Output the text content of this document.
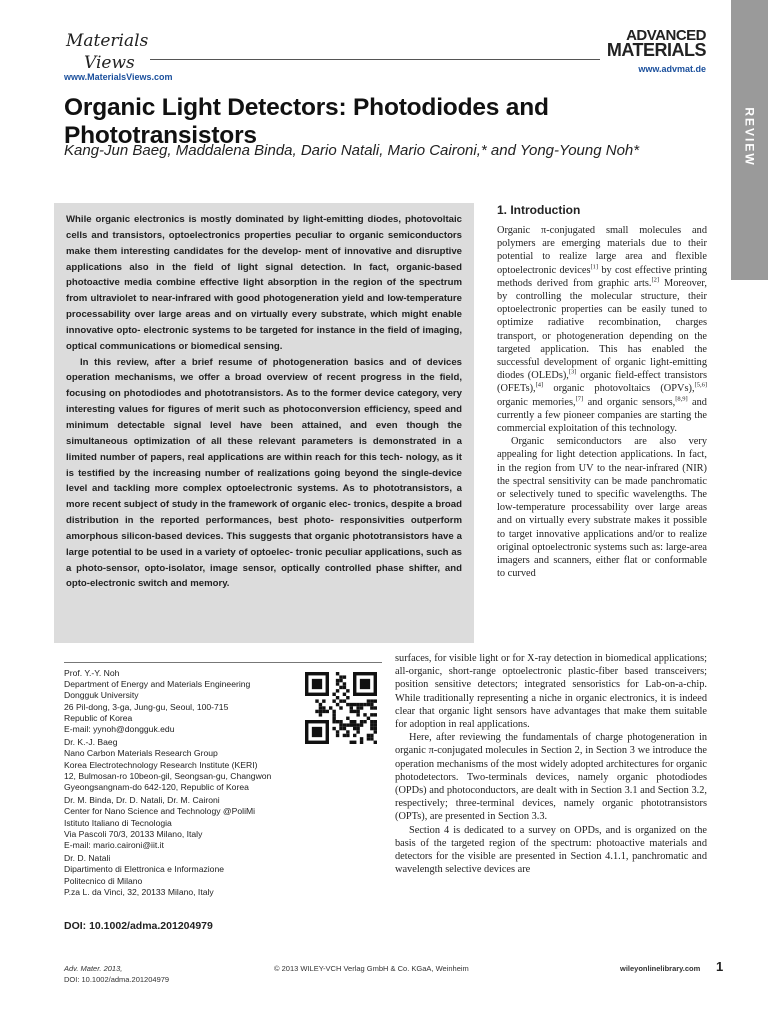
Materials
Views
www.MaterialsViews.com
ADVANCED
MATERIALS
www.advmat.de
REVIEW
Organic Light Detectors: Photodiodes and Phototransistors
Kang-Jun Baeg, Maddalena Binda, Dario Natali, Mario Caironi,* and Yong-Young Noh*

While organic electronics is mostly dominated by light-emitting diodes, photovoltaic cells and transistors, optoelectronics properties peculiar to organic semiconductors make them interesting candidates for the develop- ment of innovative and disruptive applications also in the field of light signal detection. In fact, organic-based photoactive media combine effective light absorption in the region of the spectrum from ultraviolet to near-infrared with good photogeneration yield and low-temperature processability over large areas and on virtually every substrate, which might enable innovative opto- electronic systems to be targeted for instance in the field of imaging, optical communications or biomedical sensing.

In this review, after a brief resume of photogeneration basics and of devices operation mechanisms, we offer a broad overview of recent progress in the field, focusing on photodiodes and phototransistors. As to the former device category, very interesting values for figures of merit such as photoconversion efficiency, speed and minimum detectable signal level have been attained, and even though the simultaneous optimization of all these relevant parameters is demonstrated in a limited number of papers, real applications are within reach for this tech- nology, as it is testified by the increasing number of realizations going beyond the single-device level and tackling more complex optoelectronic systems. As to phototransistors, a more recent subject of study in the framework of organic elec- tronics, despite a broad distribution in the reported performances, best photo- responsivities outperform amorphous silicon-based devices. This suggests that organic phototransistors have a large potential to be used in a variety of optoelec- tronic peculiar applications, such as a photo-sensor, opto-isolator, image sensor, optically controlled phase shifter, and opto-electronic switch and memory.

1. Introduction

Organic π-conjugated small molecules and polymers are emerging materials due to their potential to realize large area and flexible optoelectronic devices[1] by cost effective printing methods derived from graphic arts.[2] Moreover, by controlling the molecular structure, their optoelectronic properties can be easily tuned to optimize radiative recombination, charges transport, or photogeneration depending on the targeted application. This has enabled the successful development of organic light-emitting diodes (OLEDs),[3] organic field-effect transistors (OFETs),[4] organic photovoltaics (OPVs),[5,6] organic memories,[7] and organic sensors,[8,9] and currently a few pioneer companies are starting the commercial exploitation of this technology.

Organic semiconductors are also very appealing for light detection applications. In fact, in the region from UV to the near-infrared (NIR) the spectral sensitivity can be made panchromatic or selectively tuned to specific wavelengths. The low-temperature processability over large areas and on virtually every substrate makes it possible to target innovative applications and/or to realize original optoelectronic systems such as: large-area imagers and scanners, either flat or conformable to curved

surfaces, for visible light or for X-ray detection in biomedical applications; all-organic, short-range optoelectronic plastic-fiber based transceivers; position sensitive detectors; integrated sensoristics for Lab-on-a-chip. While traditionally representing a niche in organic electronics, it is indeed clear that organic light sensors have advantages that make them suitable for adoption in real applications.

Here, after reviewing the fundamentals of charge photogeneration in organic π-conjugated molecules in Section 2, in Section 3 we introduce the operation mechanisms of the most widely adopted architectures for organic photodetectors. Two-terminals devices, namely organic photodiodes (OPDs) and photoconductors, are dealt with in Section 3.1 and Section 3.2, respectively; three-terminal devices, namely organic phototransistors (OPTs), are presented in Section 3.3.

Section 4 is dedicated to a survey on OPDs, and is organized on the basis of the targeted region of the spectrum: photoactive materials and detectors for the visible are presented in Section 4.1.1, panchromatic and wavelength selective devices are

Prof. Y.-Y. Noh
Department of Energy and Materials Engineering
Dongguk University
26 Pil-dong, 3-ga, Jung-gu, Seoul, 100-715
Republic of Korea
E-mail: yynoh@dongguk.edu
Dr. K.-J. Baeg
Nano Carbon Materials Research Group
Korea Electrotechnology Research Institute (KERI)
12, Bulmosan-ro 10beon-gil, Seongsan-gu, Changwon
Gyeongsangnam-do 642-120, Republic of Korea
Dr. M. Binda, Dr. D. Natali, Dr. M. Caironi
Center for Nano Science and Technology @PoliMi
Istituto Italiano di Tecnologia
Via Pascoli 70/3, 20133 Milano, Italy
E-mail: mario.caironi@iit.it
Dr. D. Natali
Dipartimento di Elettronica e Informazione
Politecnico di Milano
P.za L. da Vinci, 32, 20133 Milano, Italy
DOI: 10.1002/adma.201204979
Adv. Mater. 2013,
DOI: 10.1002/adma.201204979
© 2013 WILEY-VCH Verlag GmbH & Co. KGaA, Weinheim	wileyonlinelibrary.com 1
